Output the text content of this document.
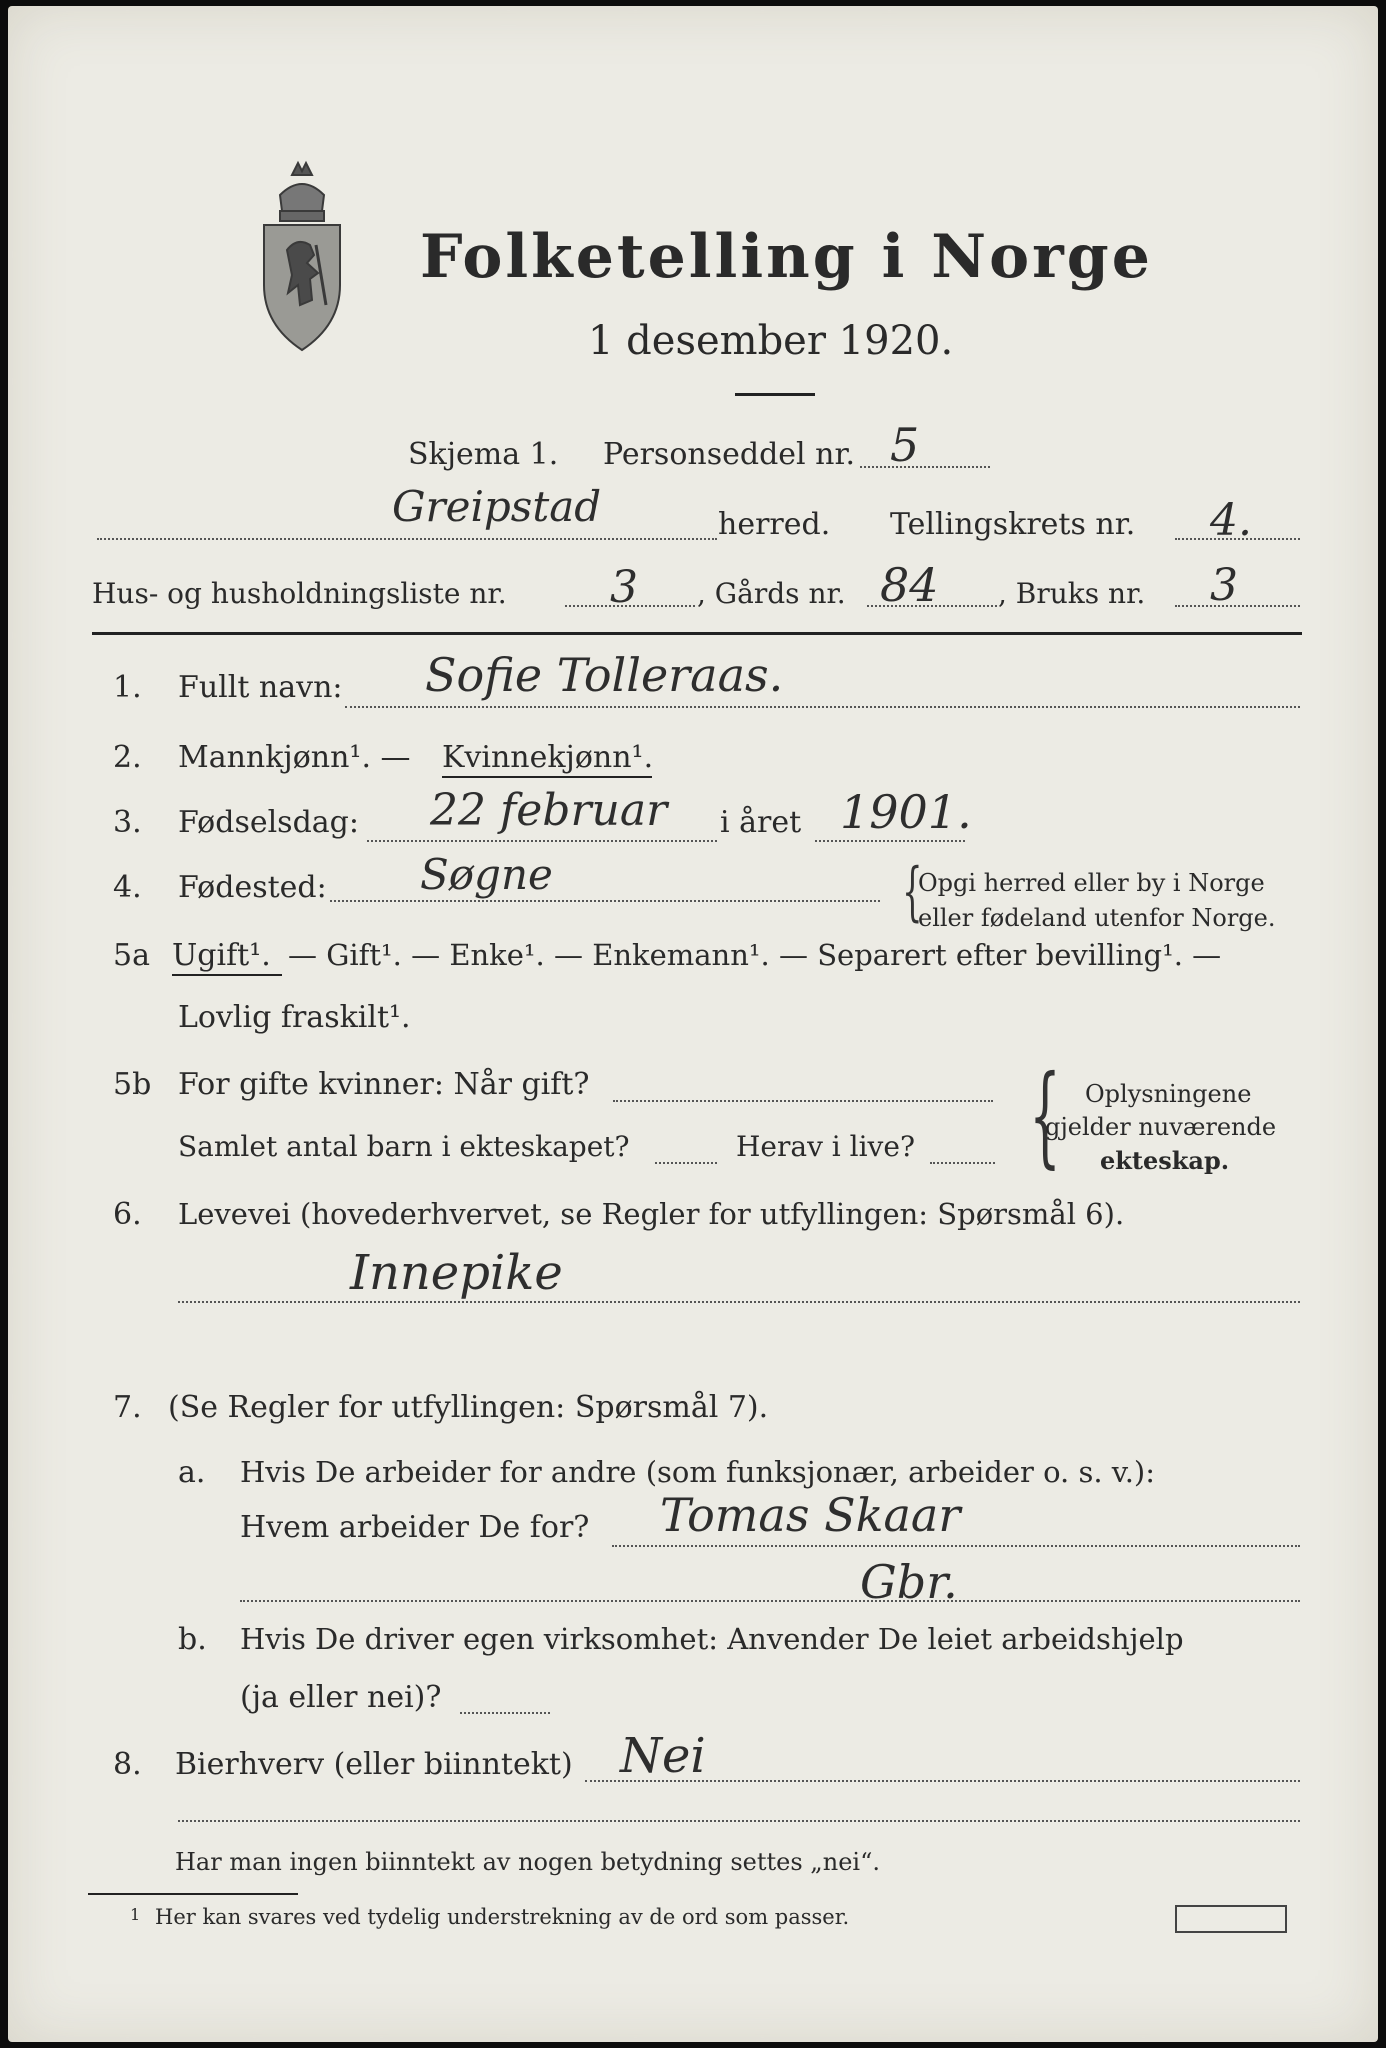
Folketelling i Norge
1 desember 1920.
Skjema 1. Personseddel nr. 5
Greipstad	herred. Tellingskrets nr. 4.
Hus- og husholdningsliste nr. 3 , Gårds nr. 84 , Bruks nr. 3
1. Fullt navn: Sofie Tolleraas.
2. Mannkjønn¹. — Kvinnekjønn¹.
3. Fødselsdag: 22 februar i året 1901.
4. Fødested: Søgne	{
Opgi herred eller by i Norge
eller fødeland utenfor Norge.
5a Ugift¹. — Gift¹. — Enke¹. — Enkemann¹. — Separert efter bevilling¹. —
Lovlig fraskilt¹.
5b For gifte kvinner: Når gift?
Samlet antal barn i ekteskapet?	Herav i live? { Oplysningene
gjelder nuværende
ekteskap.
6. Levevei (hovederhvervet, se Regler for utfyllingen: Spørsmål 6).
Innepike
7. (Se Regler for utfyllingen: Spørsmål 7).
a. Hvis De arbeider for andre (som funksjonær, arbeider o. s. v.):
Hvem arbeider De for? Tomas Skaar
Gbr.
b. Hvis De driver egen virksomhet: Anvender De leiet arbeidshjelp
(ja eller nei)?
8. Bierhverv (eller biinntekt) Nei
Har man ingen biinntekt av nogen betydning settes „nei“.
1 Her kan svares ved tydelig understrekning av de ord som passer.
